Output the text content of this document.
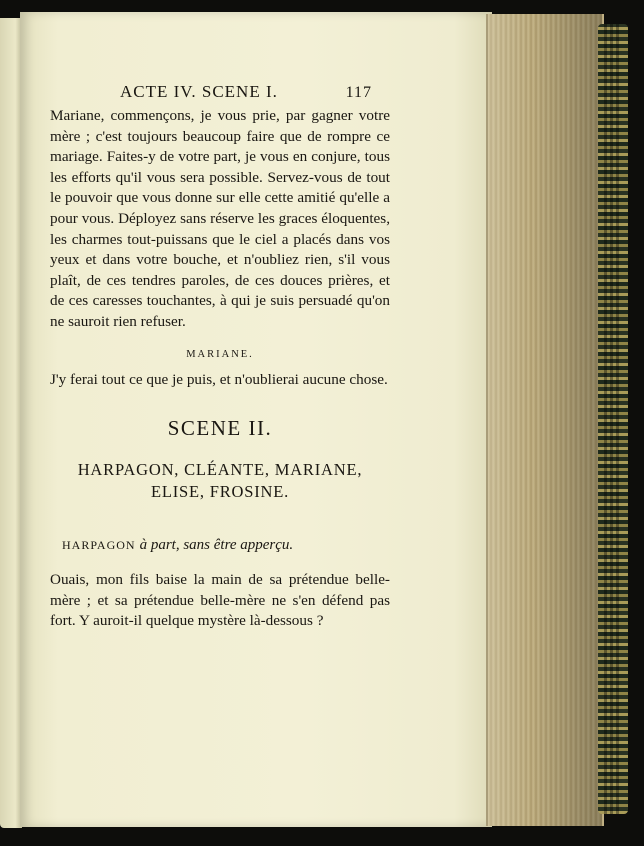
ACTE IV. SCENE I.	117

Mariane, commençons, je vous prie, par gagner votre mère ; c'est toujours beaucoup faire que de rompre ce mariage. Faites-y de votre part, je vous en conjure, tous les efforts qu'il vous sera possible. Servez-vous de tout le pouvoir que vous donne sur elle cette amitié qu'elle a pour vous. Déployez sans réserve les graces éloquentes, les charmes tout-puissans que le ciel a placés dans vos yeux et dans votre bouche, et n'oubliez rien, s'il vous plaît, de ces tendres paroles, de ces douces prières, et de ces caresses touchantes, à qui je suis persuadé qu'on ne sauroit rien refuser.

MARIANE.

J'y ferai tout ce que je puis, et n'oublierai aucune chose.

SCENE II.
HARPAGON, CLÉANTE, MARIANE,
ELISE, FROSINE.
HARPAGON à part, sans être apperçu.

Ouais, mon fils baise la main de sa prétendue belle-mère ; et sa prétendue belle-mère ne s'en défend pas fort. Y auroit-il quelque mystère là-dessous ?
